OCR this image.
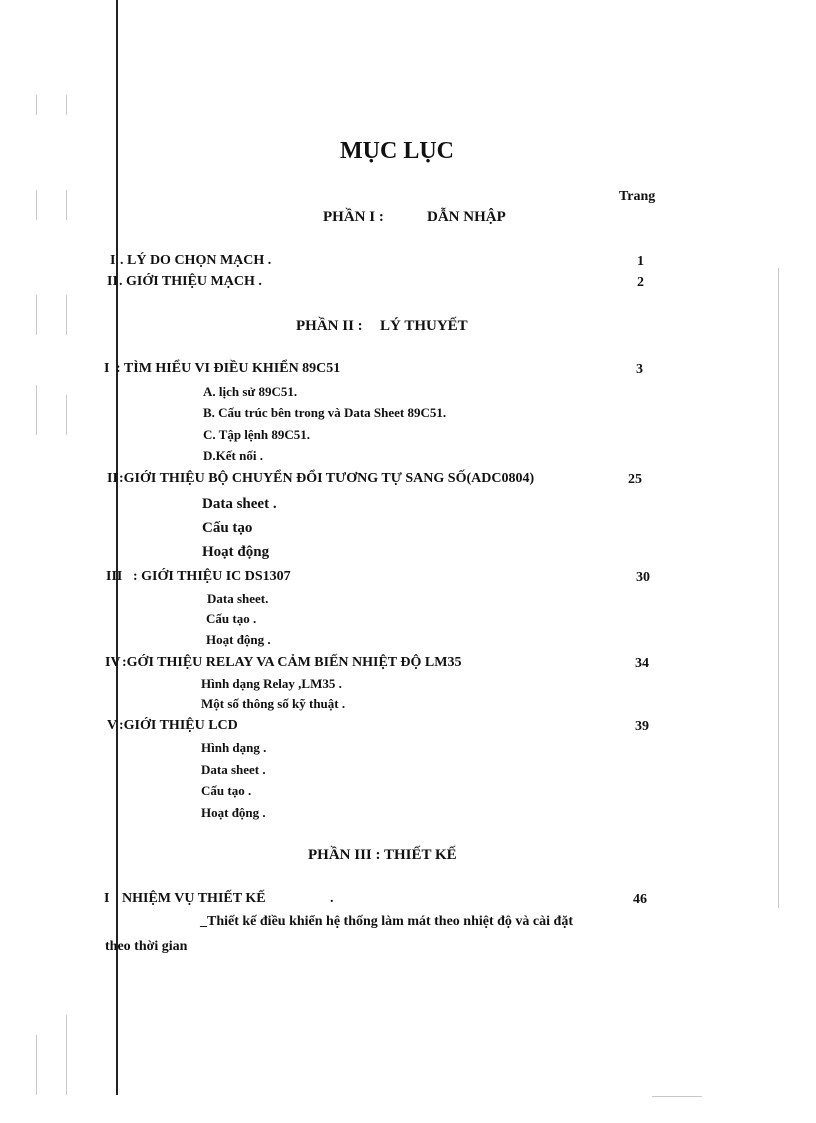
MỤC LỤC
Trang
PHẦN I :	DẪN NHẬP
I . LÝ DO CHỌN MẠCH .	1
II . GIỚI THIỆU MẠCH .	2
PHẦN II : LÝ THUYẾT
I : TÌM HIỂU VI ĐIỀU KHIỂN 89C51	3
A. lịch sử 89C51.
B. Cấu trúc bên trong và Data Sheet 89C51.
C. Tập lệnh 89C51.
D.Kết nối .
II :GIỚI THIỆU BỘ CHUYỂN ĐỔI TƯƠNG TỰ SANG SỐ(ADC0804)	25
Data sheet .
Cấu tạo
Hoạt động
III : GIỚI THIỆU IC DS1307	30
Data sheet.
Cấu tạo .
Hoạt động .
IV :GỚI THIỆU RELAY VA CẢM BIẾN NHIỆT ĐỘ LM35	34
Hình dạng Relay ,LM35 .
Một số thông số kỹ thuật .
V :GIỚI THIỆU LCD	39
Hình dạng .
Data sheet .
Cấu tạo .
Hoạt động .
PHẦN III : THIẾT KẾ
I NHIỆM VỤ THIẾT KẾ	.	46
_Thiết kế điều khiển hệ thống làm mát theo nhiệt độ và cài đặt
theo thời gian
